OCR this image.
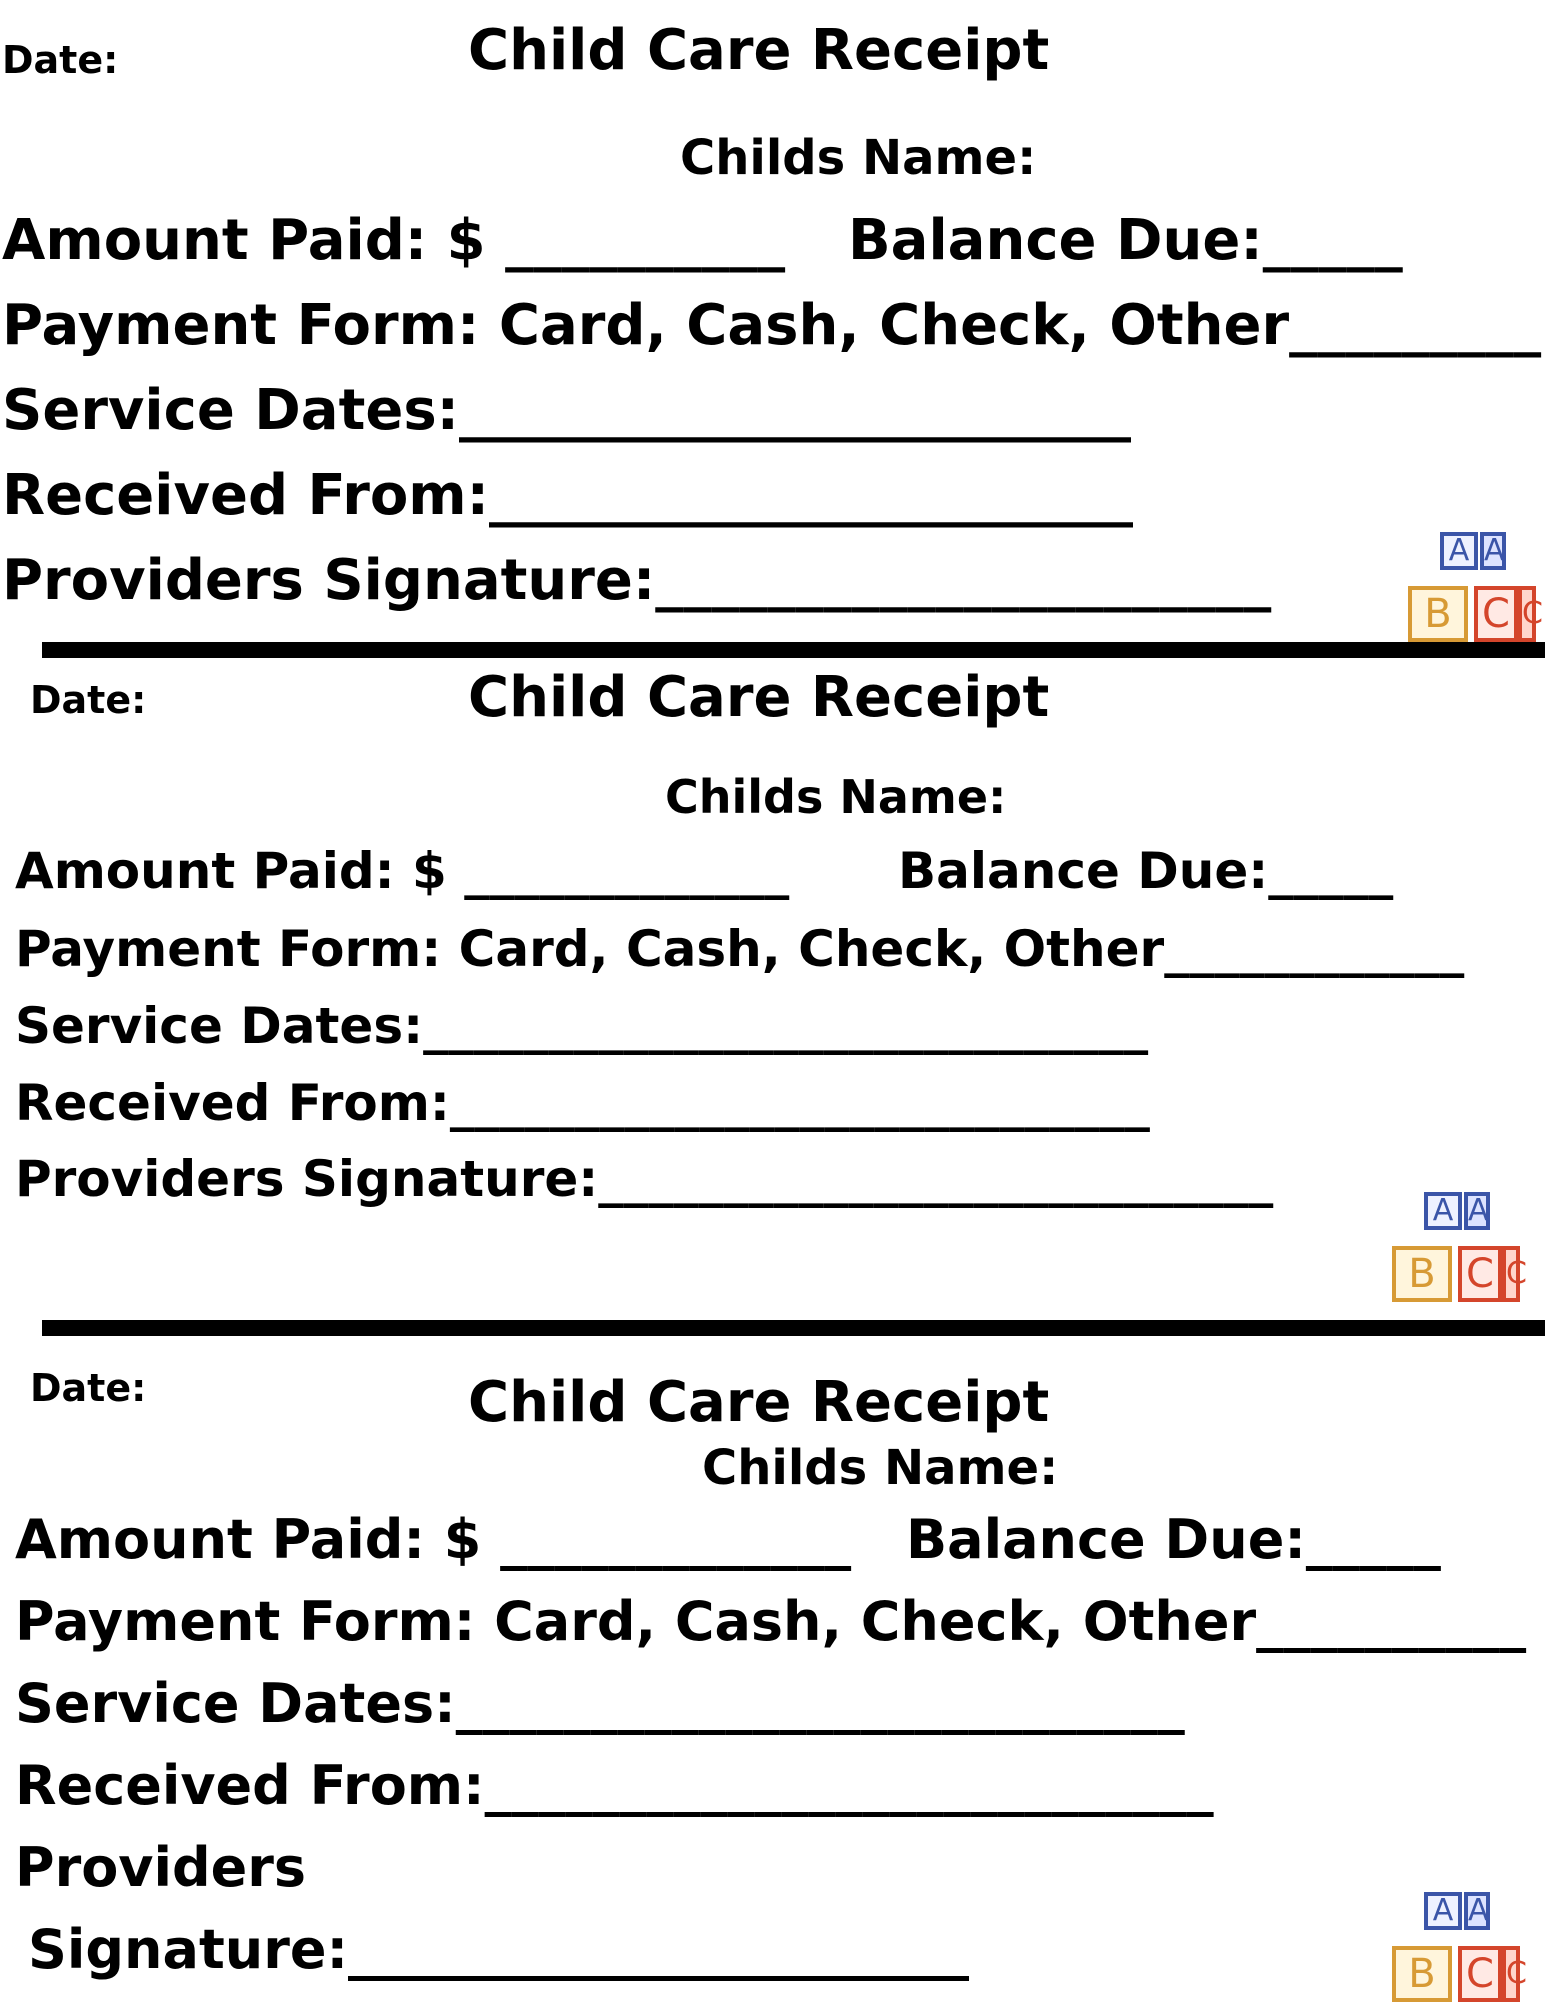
Date:	Child Care Receipt
Childs Name:
Amount Paid: $ __________ Balance Due:_____
Payment Form: Card, Cash, Check, Other_________
Service Dates:________________________
Received From:_______________________
Providers Signature:______________________	A A
B C C
Date:	Child Care Receipt
Childs Name:
Amount Paid: $ _____________ Balance Due:_____
Payment Form: Card, Cash, Check, Other____________
Service Dates:_____________________________
Received From:____________________________
Providers Signature:___________________________
A A
B C C
Date:	Child Care Receipt
Childs Name:
Amount Paid: $ _____________ Balance Due:_____
Payment Form: Card, Cash, Check, Other__________
Service Dates:___________________________
Received From:___________________________
Providers
Signature:_______________________
A A
B C C
